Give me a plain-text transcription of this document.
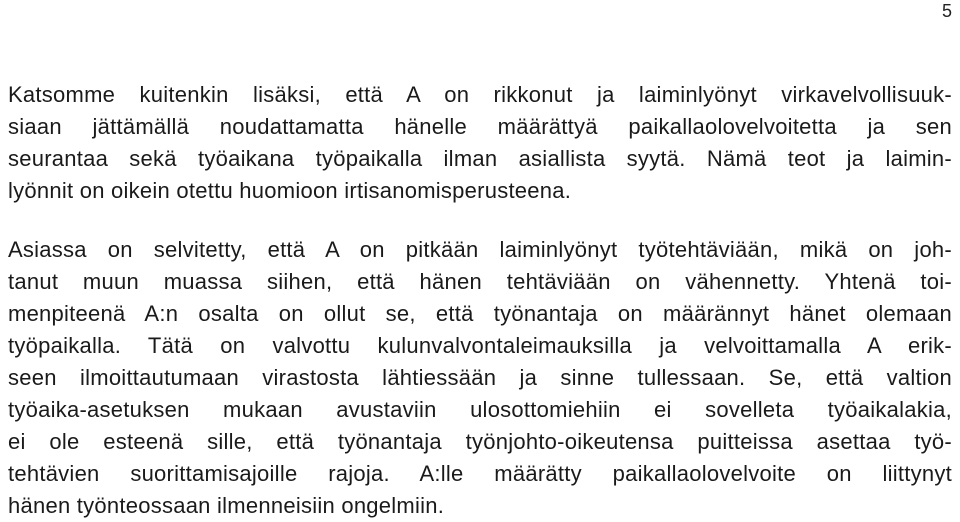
5
Katsomme kuitenkin lisäksi, että A on rikkonut ja laiminlyönyt virkavelvollisuuk-
siaan jättämällä noudattamatta hänelle määrättyä paikallaolovelvoitetta ja sen
seurantaa sekä työaikana työpaikalla ilman asiallista syytä. Nämä teot ja laimin-
lyönnit on oikein otettu huomioon irtisanomisperusteena.
Asiassa on selvitetty, että A on pitkään laiminlyönyt työtehtäviään, mikä on joh-
tanut muun muassa siihen, että hänen tehtäviään on vähennetty. Yhtenä toi-
menpiteenä A:n osalta on ollut se, että työnantaja on määrännyt hänet olemaan
työpaikalla. Tätä on valvottu kulunvalvontaleimauksilla ja velvoittamalla A erik-
seen ilmoittautumaan virastosta lähtiessään ja sinne tullessaan. Se, että valtion
työaika-asetuksen mukaan avustaviin ulosottomiehiin ei sovelleta työaikalakia,
ei ole esteenä sille, että työnantaja työnjohto-oikeutensa puitteissa asettaa työ-
tehtävien suorittamisajoille rajoja. A:lle määrätty paikallaolovelvoite on liittynyt
hänen työnteossaan ilmenneisiin ongelmiin.
